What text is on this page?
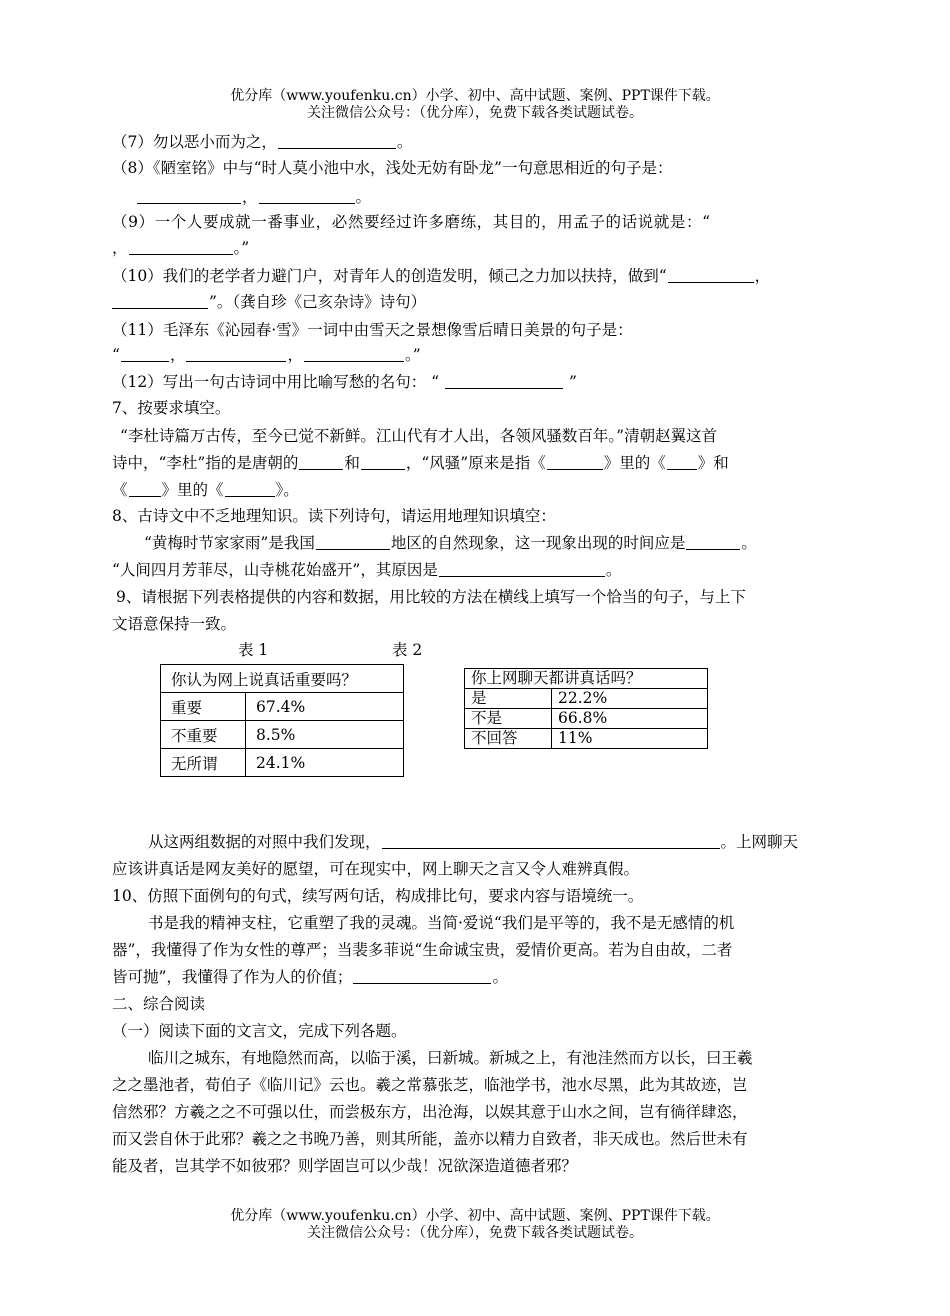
优分库（www.youfenku.cn）小学、初中、高中试题、案例、PPT课件下载。
关注微信公众号：（优分库），免费下载各类试题试卷。
（7）勿以恶小而为之，	。
（8）《陋室铭》中与“时人莫小池中水，浅处无妨有卧龙”一句意思相近的句子是：
，	。
（9）一个人要成就一番事业，必然要经过许多磨练，其目的，用孟子的话说就是：“
，	。”
（10）我们的老学者力避门户，对青年人的创造发明，倾己之力加以扶持，做到“	，
”。（龚自珍《己亥杂诗》诗句）
（11）毛泽东《沁园春·雪》一词中由雪天之景想像雪后晴日美景的句子是：
“	，	，	。”
（12）写出一句古诗词中用比喻写愁的名句： “	”
7、按要求填空。
“李杜诗篇万古传，至今已觉不新鲜。江山代有才人出，各领风骚数百年。”清朝赵翼这首
诗中，“李杜”指的是唐朝的	和	，“风骚”原来是指《	》里的《 》和
《 》里的《	》。
8、古诗文中不乏地理知识。读下列诗句，请运用地理知识填空：
“黄梅时节家家雨”是我国	地区的自然现象，这一现象出现的时间应是	。
“人间四月芳菲尽，山寺桃花始盛开”，其原因是	。
9、请根据下列表格提供的内容和数据，用比较的方法在横线上填写一个恰当的句子，与上下
文语意保持一致。
表 1	表 2
你认为网上说真话重要吗？	
重要	67.4%
不重要	8.5%
无所谓	24.1%
你上网聊天都讲真话吗？	
是	22.2%
不是	66.8%
不回答	11%
从这两组数据的对照中我们发现，	。上网聊天
应该讲真话是网友美好的愿望，可在现实中，网上聊天之言又令人难辨真假。
10、仿照下面例句的句式，续写两句话，构成排比句，要求内容与语境统一。
书是我的精神支柱，它重塑了我的灵魂。当简·爱说“我们是平等的，我不是无感情的机
器”，我懂得了作为女性的尊严；当裴多菲说“生命诚宝贵，爱情价更高。若为自由故，二者
皆可抛”，我懂得了作为人的价值；	。
二、综合阅读
（一）阅读下面的文言文，完成下列各题。
临川之城东，有地隐然而高，以临于溪，曰新城。新城之上，有池洼然而方以长，曰王羲
之之墨池者，荀伯子《临川记》云也。羲之常慕张芝，临池学书，池水尽黑，此为其故迹，岂
信然邪？方羲之之不可强以仕，而尝极东方，出沧海，以娱其意于山水之间，岂有徜徉肆恣，
而又尝自休于此邪？羲之之书晚乃善，则其所能，盖亦以精力自致者，非天成也。然后世未有
能及者，岂其学不如彼邪？则学固岂可以少哉！况欲深造道德者邪？
优分库（www.youfenku.cn）小学、初中、高中试题、案例、PPT课件下载。
关注微信公众号：（优分库），免费下载各类试题试卷。
